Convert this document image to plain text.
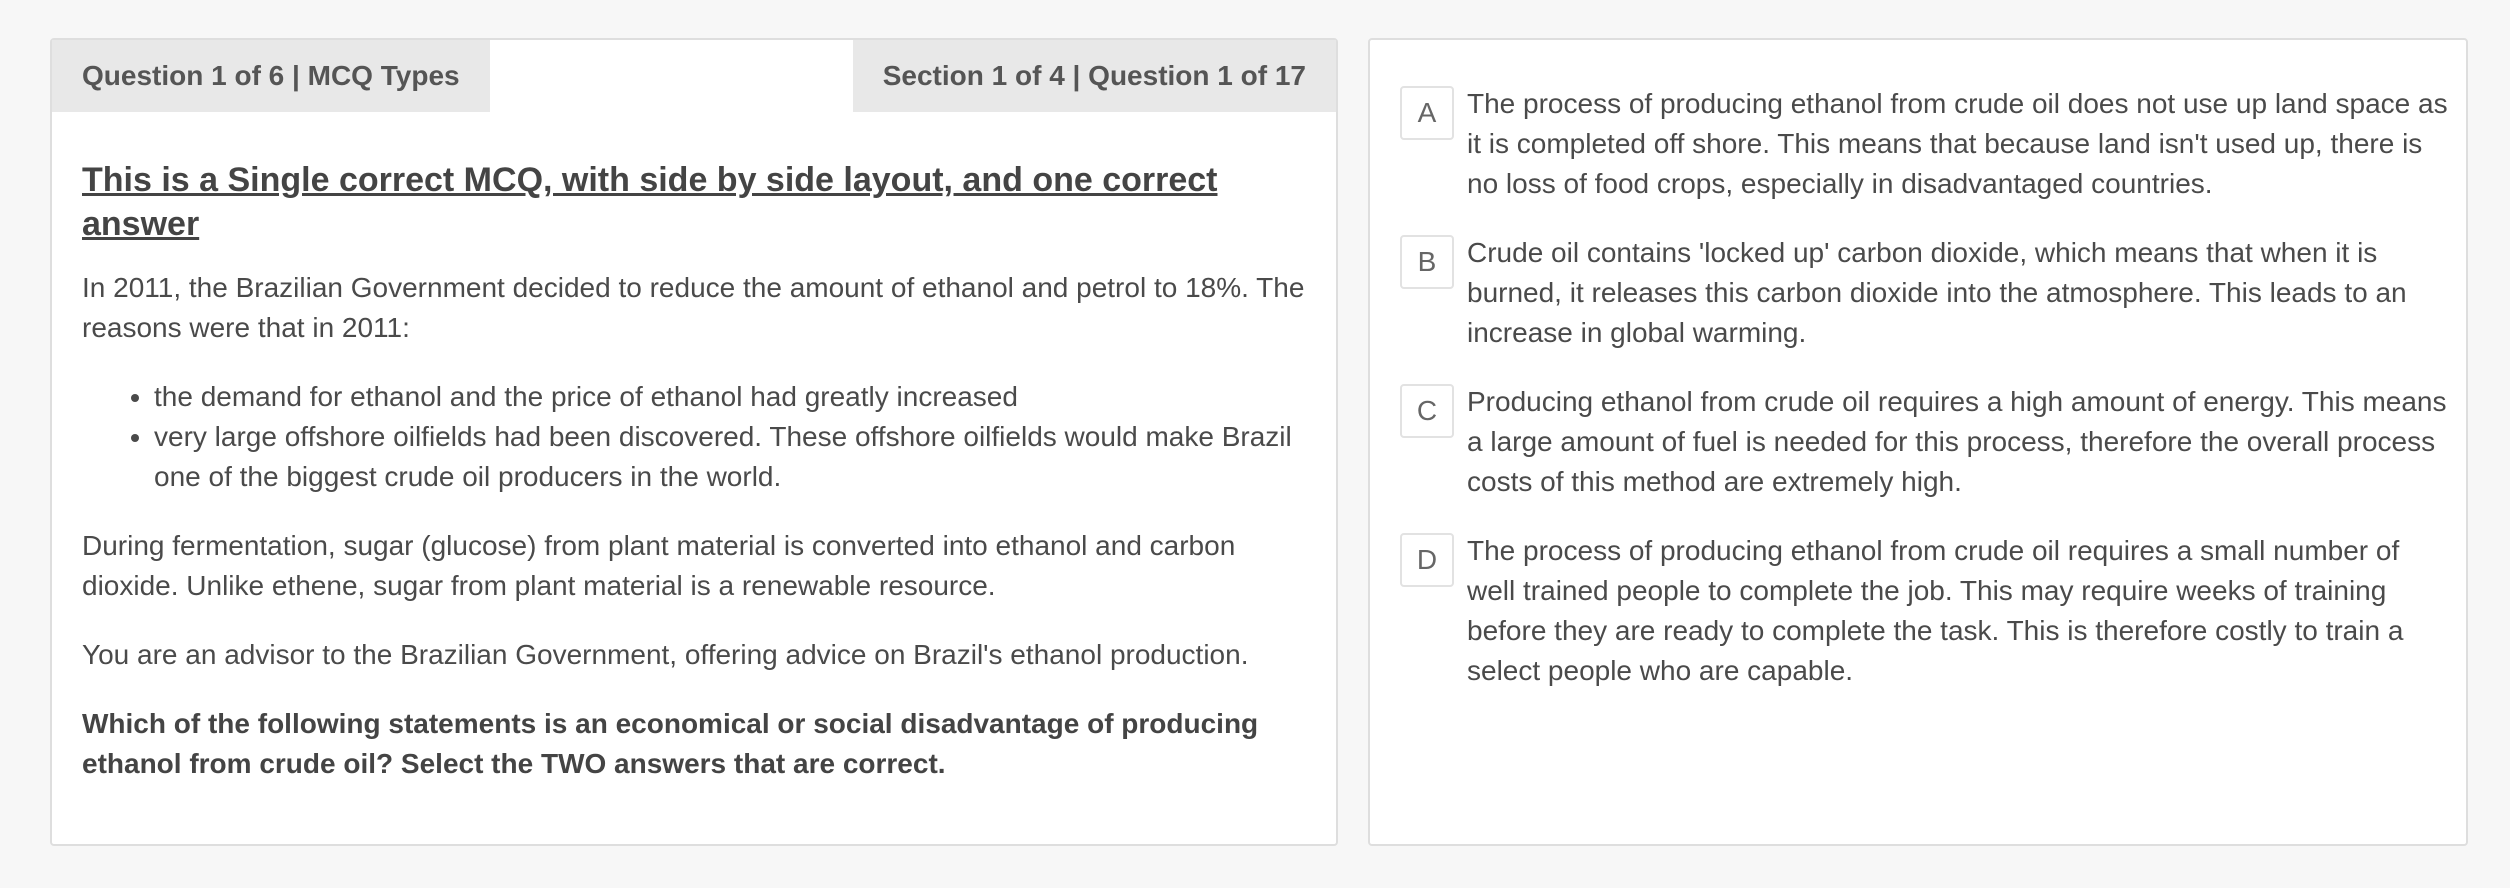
Question 1 of 6 | MCQ Types	Section 1 of 4 | Question 1 of 17
This is a Single correct MCQ, with side by side layout, and one correct answer

In 2011, the Brazilian Government decided to reduce the amount of ethanol and petrol to 18%. The reasons were that in 2011:

• the demand for ethanol and the price of ethanol had greatly increased
• very large offshore oilfields had been discovered. These offshore oilfields would make Brazil one of the biggest crude oil producers in the world.

During fermentation, sugar (glucose) from plant material is converted into ethanol and carbon dioxide. Unlike ethene, sugar from plant material is a renewable resource.

You are an advisor to the Brazilian Government, offering advice on Brazil's ethanol production.

Which of the following statements is an economical or social disadvantage of producing ethanol from crude oil? Select the TWO answers that are correct.

A	The process of producing ethanol from crude oil does not use up land space as it is completed off shore. This means that because land isn't used up, there is no loss of food crops, especially in disadvantaged countries.
B	Crude oil contains 'locked up' carbon dioxide, which means that when it is burned, it releases this carbon dioxide into the atmosphere. This leads to an increase in global warming.
C	Producing ethanol from crude oil requires a high amount of energy. This means a large amount of fuel is needed for this process, therefore the overall process costs of this method are extremely high.
D	The process of producing ethanol from crude oil requires a small number of well trained people to complete the job. This may require weeks of training before they are ready to complete the task. This is therefore costly to train a select people who are capable.
